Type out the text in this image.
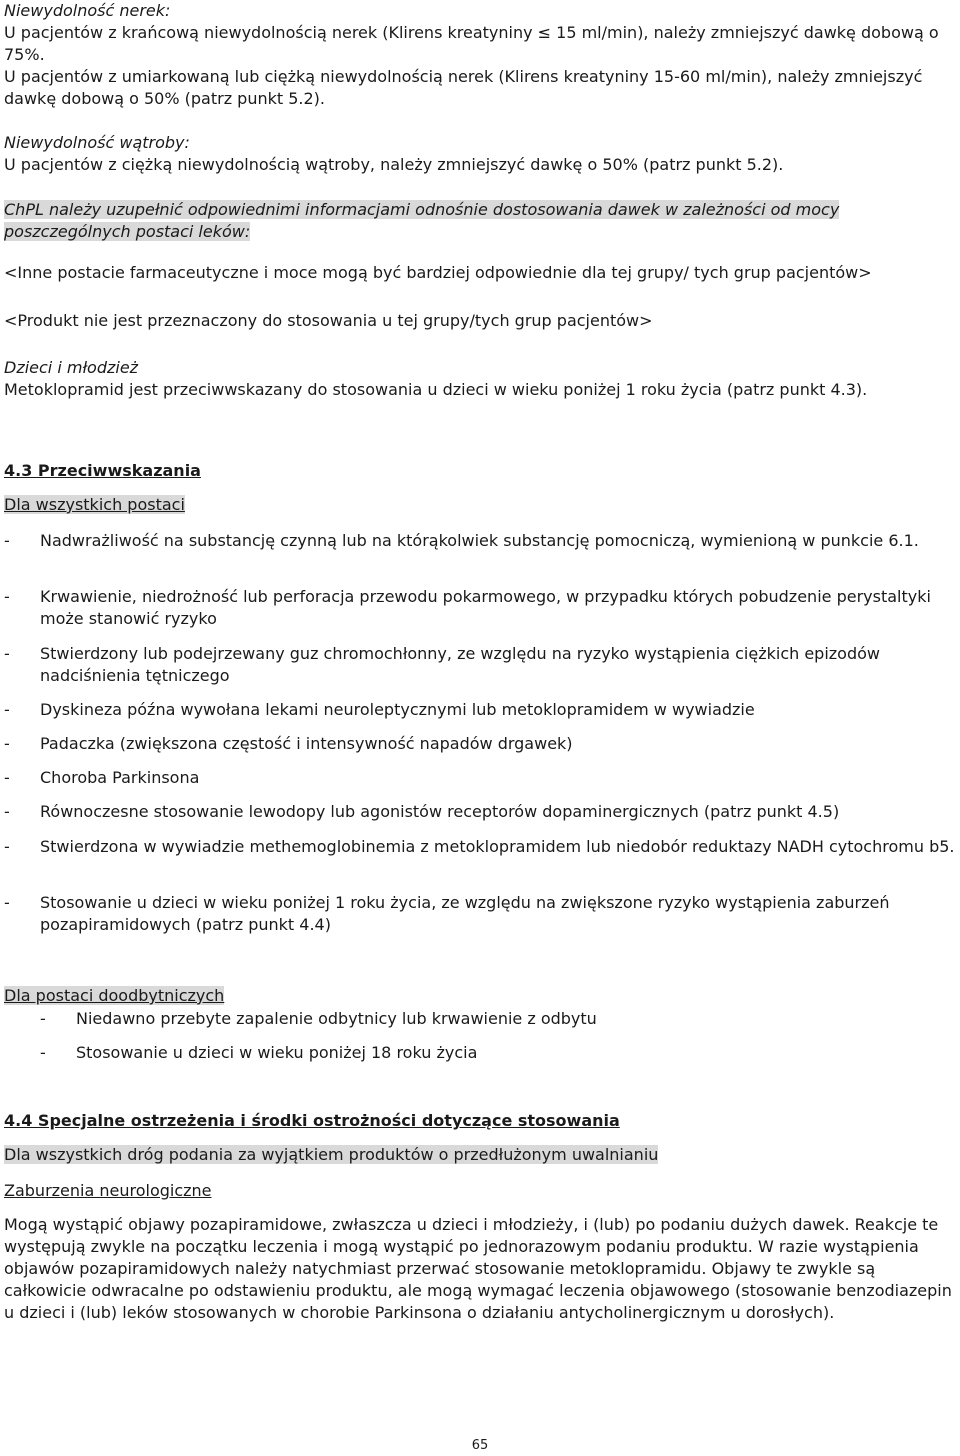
Niewydolność nerek:
U pacjentów z krańcową niewydolnością nerek (Klirens kreatyniny ≤ 15 ml/min), należy zmniejszyć dawkę dobową o 75%.
U pacjentów z umiarkowaną lub ciężką niewydolnością nerek (Klirens kreatyniny 15-60 ml/min), należy zmniejszyć dawkę dobową o 50% (patrz punkt 5.2).
Niewydolność wątroby:
U pacjentów z ciężką niewydolnością wątroby, należy zmniejszyć dawkę o 50% (patrz punkt 5.2).
ChPL należy uzupełnić odpowiednimi informacjami odnośnie dostosowania dawek w zależności od mocy poszczególnych postaci leków:
<Inne postacie farmaceutyczne i moce mogą być bardziej odpowiednie dla tej grupy/ tych grup pacjentów>
<Produkt nie jest przeznaczony do stosowania u tej grupy/tych grup pacjentów>
Dzieci i młodzież
Metoklopramid jest przeciwwskazany do stosowania u dzieci w wieku poniżej 1 roku życia (patrz punkt 4.3).
4.3 Przeciwwskazania
Dla wszystkich postaci
- Nadwrażliwość na substancję czynną lub na którąkolwiek substancję pomocniczą, wymienioną w punkcie 6.1.
- Krwawienie, niedrożność lub perforacja przewodu pokarmowego, w przypadku których pobudzenie perystaltyki może stanowić ryzyko
- Stwierdzony lub podejrzewany guz chromochłonny, ze względu na ryzyko wystąpienia ciężkich epizodów nadciśnienia tętniczego
- Dyskineza późna wywołana lekami neuroleptycznymi lub metoklopramidem w wywiadzie
- Padaczka (zwiększona częstość i intensywność napadów drgawek)
- Choroba Parkinsona
- Równoczesne stosowanie lewodopy lub agonistów receptorów dopaminergicznych (patrz punkt 4.5)
- Stwierdzona w wywiadzie methemoglobinemia z metoklopramidem lub niedobór reduktazy NADH cytochromu b5.
- Stosowanie u dzieci w wieku poniżej 1 roku życia, ze względu na zwiększone ryzyko wystąpienia zaburzeń pozapiramidowych (patrz punkt 4.4)
Dla postaci doodbytniczych
- Niedawno przebyte zapalenie odbytnicy lub krwawienie z odbytu
- Stosowanie u dzieci w wieku poniżej 18 roku życia
4.4 Specjalne ostrzeżenia i środki ostrożności dotyczące stosowania
Dla wszystkich dróg podania za wyjątkiem produktów o przedłużonym uwalnianiu
Zaburzenia neurologiczne
Mogą wystąpić objawy pozapiramidowe, zwłaszcza u dzieci i młodzieży, i (lub) po podaniu dużych dawek. Reakcje te występują zwykle na początku leczenia i mogą wystąpić po jednorazowym podaniu produktu. W razie wystąpienia objawów pozapiramidowych należy natychmiast przerwać stosowanie metoklopramidu. Objawy te zwykle są całkowicie odwracalne po odstawieniu produktu, ale mogą wymagać leczenia objawowego (stosowanie benzodiazepin u dzieci i (lub) leków stosowanych w chorobie Parkinsona o działaniu antycholinergicznym u dorosłych).
65
